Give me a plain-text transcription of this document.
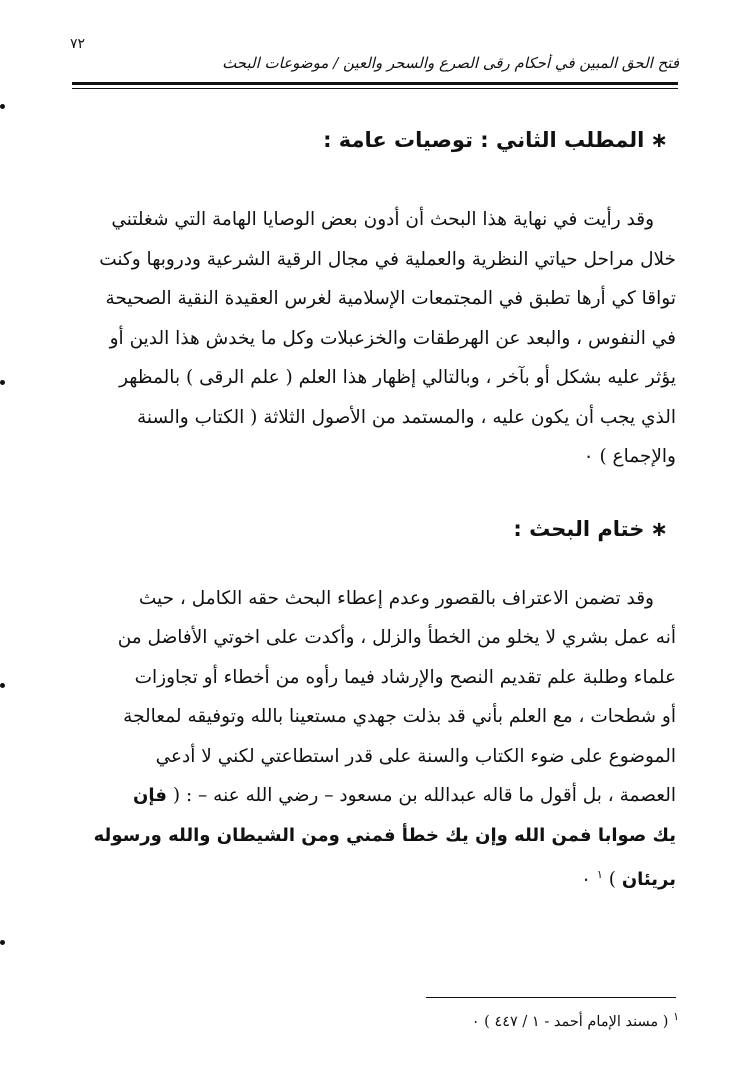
٧٢
فتح الحق المبين في أحكام رقى الصرع والسحر والعين / موضوعات البحث
∗المطلب الثاني : توصيات عامة :

وقد رأيت في نهاية هذا البحث أن أدون بعض الوصايا الهامة التي شغلتني

خلال مراحل حياتي النظرية والعملية في مجال الرقية الشرعية ودروبها وكنت

تواقا كي أرها تطبق في المجتمعات الإسلامية لغرس العقيدة النقية الصحيحة

في النفوس ، والبعد عن الهرطقات والخزعبلات وكل ما يخدش هذا الدين أو

يؤثر عليه بشكل أو بآخر ، وبالتالي إظهار هذا العلم ( علم الرقى ) بالمظهر

الذي يجب أن يكون عليه ، والمستمد من الأصول الثلاثة ( الكتاب والسنة

والإجماع ) ٠

∗ختام البحث :

وقد تضمن الاعتراف بالقصور وعدم إعطاء البحث حقه الكامل ، حيث

أنه عمل بشري لا يخلو من الخطأ والزلل ، وأكدت على اخوتي الأفاضل من

علماء وطلبة علم تقديم النصح والإرشاد فيما رأوه من أخطاء أو تجاوزات

أو شطحات ، مع العلم بأني قد بذلت جهدي مستعينا بالله وتوفيقه لمعالجة

الموضوع على ضوء الكتاب والسنة على قدر استطاعتي لكني لا أدعي

العصمة ، بل أقول ما قاله عبدالله بن مسعود – رضي الله عنه – : ( فإن

يك صوابا فمن الله وإن يك خطأ فمني ومن الشيطان والله ورسوله

بريئان ) $^١$ ٠

$^١$ ( مسند الإمام أحمد - ١ / ٤٤٧ ) ٠
